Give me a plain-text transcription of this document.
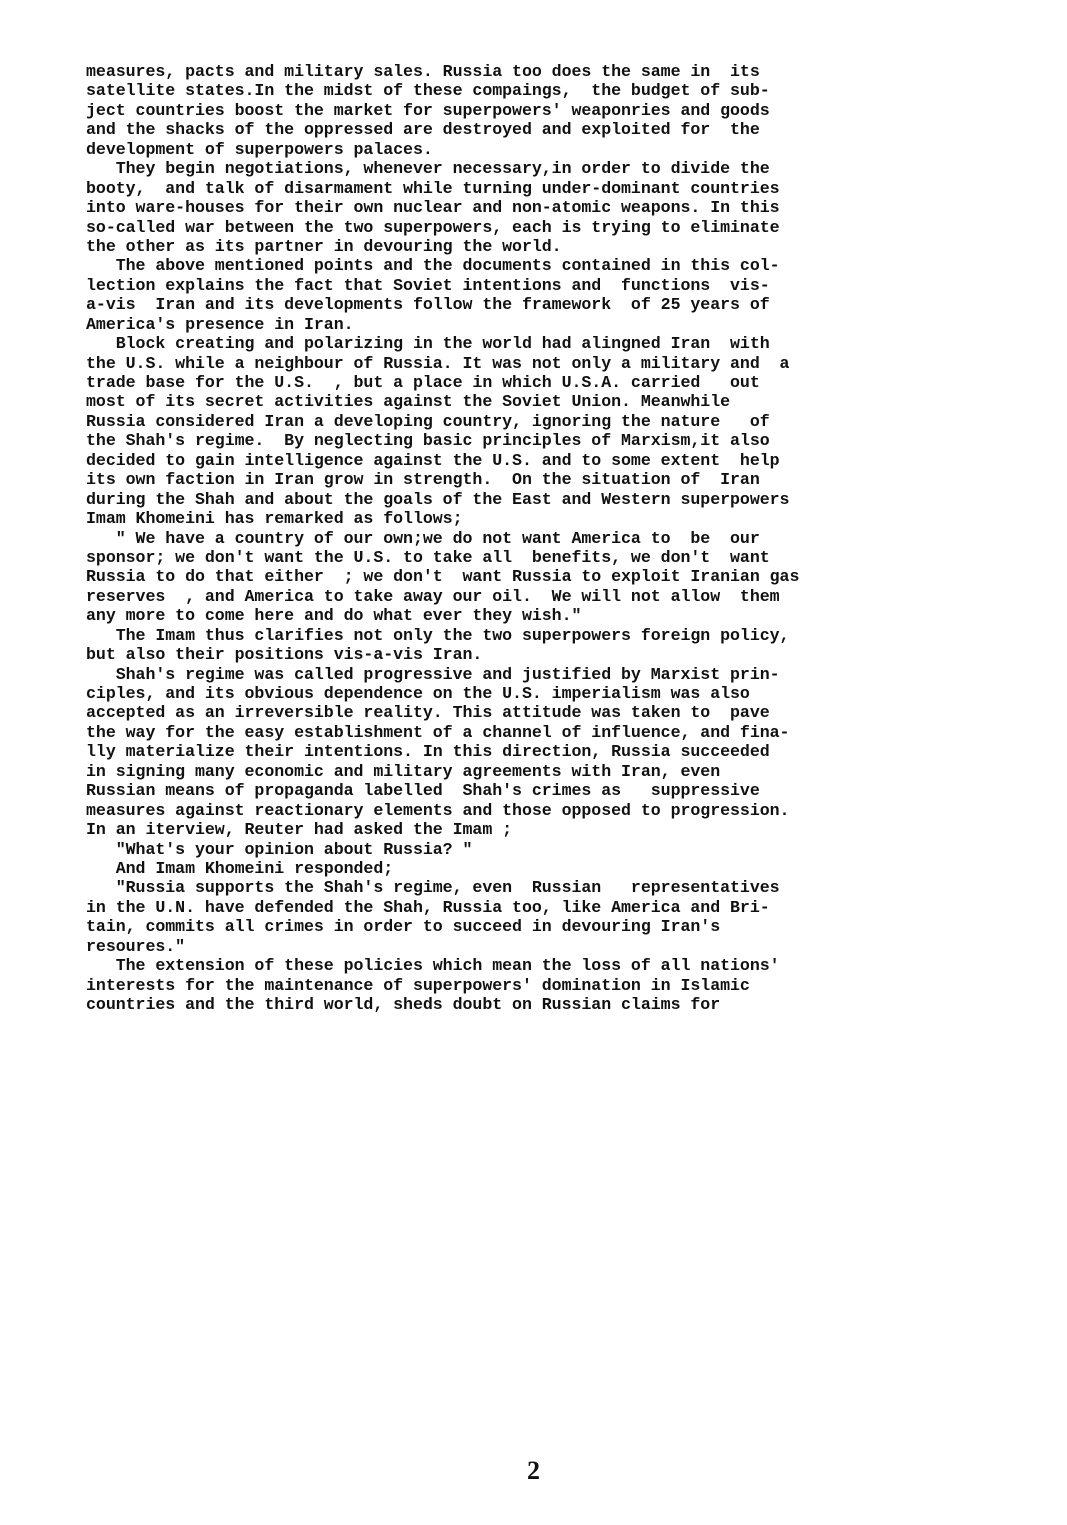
measures, pacts and military sales. Russia too does the same in  its
satellite states.In the midst of these compaings,  the budget of sub-
ject countries boost the market for superpowers' weaponries and goods
and the shacks of the oppressed are destroyed and exploited for  the
development of superpowers palaces.
They begin negotiations, whenever necessary,in order to divide the
booty,  and talk of disarmament while turning under-dominant countries
into ware-houses for their own nuclear and non-atomic weapons. In this
so-called war between the two superpowers, each is trying to eliminate
the other as its partner in devouring the world.
The above mentioned points and the documents contained in this col-
lection explains the fact that Soviet intentions and  functions  vis-
a-vis  Iran and its developments follow the framework  of 25 years of
America's presence in Iran.
Block creating and polarizing in the world had alingned Iran  with
the U.S. while a neighbour of Russia. It was not only a military and  a
trade base for the U.S.  , but a place in which U.S.A. carried   out
most of its secret activities against the Soviet Union. Meanwhile
Russia considered Iran a developing country, ignoring the nature   of
the Shah's regime.  By neglecting basic principles of Marxism,it also
decided to gain intelligence against the U.S. and to some extent  help
its own faction in Iran grow in strength.  On the situation of  Iran
during the Shah and about the goals of the East and Western superpowers
Imam Khomeini has remarked as follows;
" We have a country of our own;we do not want America to  be  our
sponsor; we don't want the U.S. to take all  benefits, we don't  want
Russia to do that either  ; we don't  want Russia to exploit Iranian gas
reserves  , and America to take away our oil.  We will not allow  them
any more to come here and do what ever they wish."
The Imam thus clarifies not only the two superpowers foreign policy,
but also their positions vis-a-vis Iran.
Shah's regime was called progressive and justified by Marxist prin-
ciples, and its obvious dependence on the U.S. imperialism was also
accepted as an irreversible reality. This attitude was taken to  pave
the way for the easy establishment of a channel of influence, and fina-
lly materialize their intentions. In this direction, Russia succeeded
in signing many economic and military agreements with Iran, even
Russian means of propaganda labelled  Shah's crimes as   suppressive
measures against reactionary elements and those opposed to progression.
In an iterview, Reuter had asked the Imam ;
"What's your opinion about Russia? "
And Imam Khomeini responded;
"Russia supports the Shah's regime, even  Russian   representatives
in the U.N. have defended the Shah, Russia too, like America and Bri-
tain, commits all crimes in order to succeed in devouring Iran's
resoures."
The extension of these policies which mean the loss of all nations'
interests for the maintenance of superpowers' domination in Islamic
countries and the third world, sheds doubt on Russian claims for
2
